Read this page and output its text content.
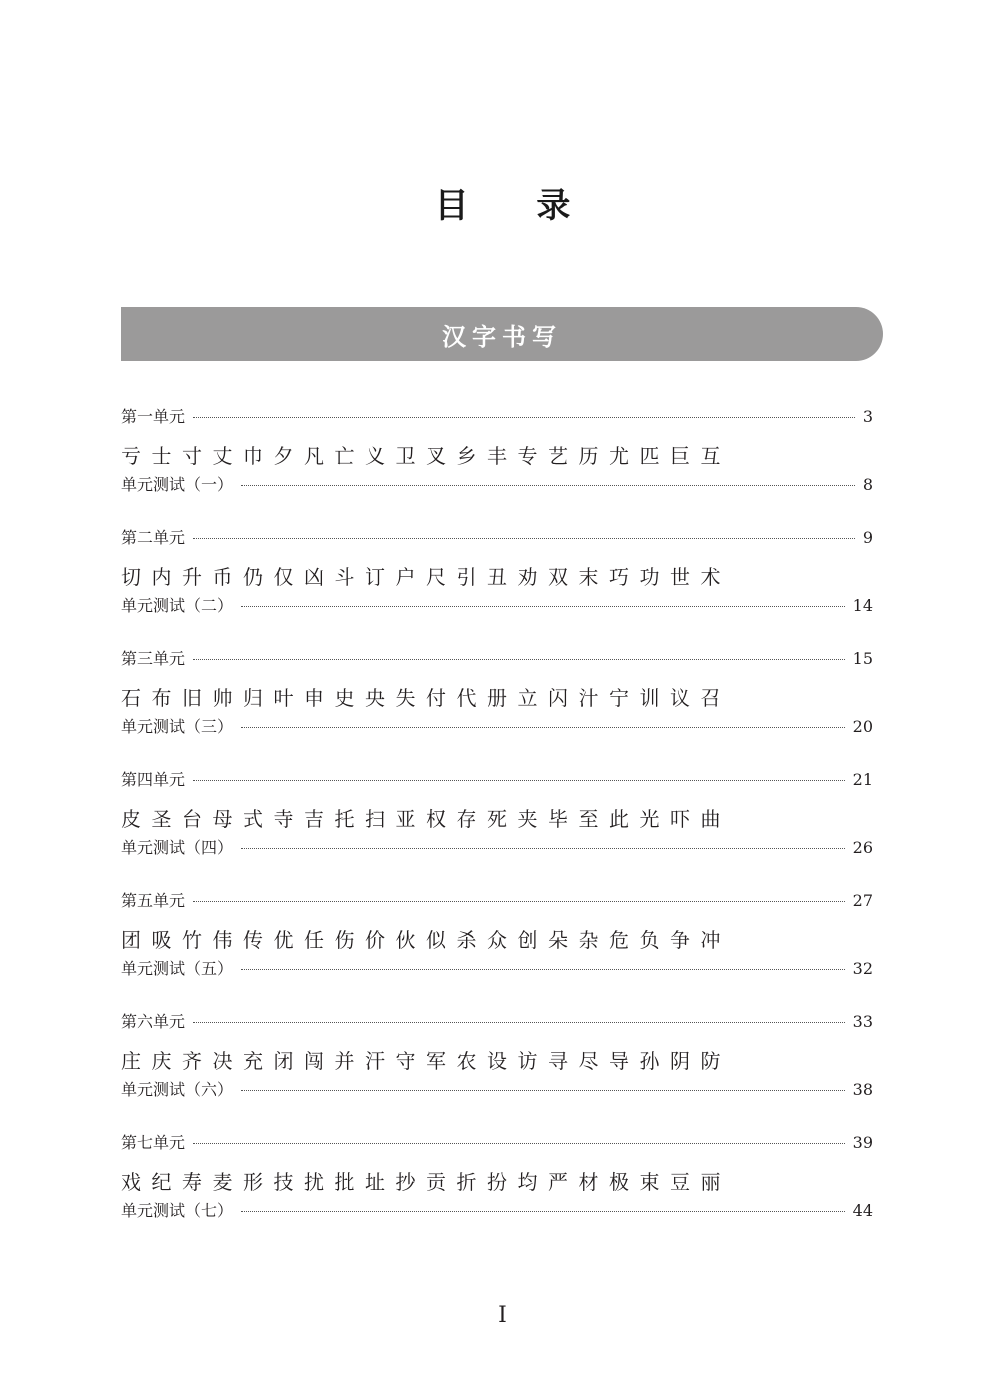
目 录
汉字书写
第一单元	3
亏 士 寸 丈 巾 夕 凡 亡 义 卫 叉 乡 丰 专 艺 历 尤 匹 巨 互
单元测试（一）	8
第二单元	9
切 内 升 币 仍 仅 凶 斗 订 户 尺 引 丑 劝 双 末 巧 功 世 术
单元测试（二）	14
第三单元	15
石 布 旧 帅 归 叶 申 史 央 失 付 代 册 立 闪 汁 宁 训 议 召
单元测试（三）	20
第四单元	21
皮 圣 台 母 式 寺 吉 托 扫 亚 权 存 死 夹 毕 至 此 光 吓 曲
单元测试（四）	26
第五单元	27
团 吸 竹 伟 传 优 任 伤 价 伙 似 杀 众 创 朵 杂 危 负 争 冲
单元测试（五）	32
第六单元	33
庄 庆 齐 决 充 闭 闯 并 汗 守 军 农 设 访 寻 尽 导 孙 阴 防
单元测试（六）	38
第七单元	39
戏 纪 寿 麦 形 技 扰 批 址 抄 贡 折 扮 均 严 材 极 束 豆 丽
单元测试（七）	44
I
